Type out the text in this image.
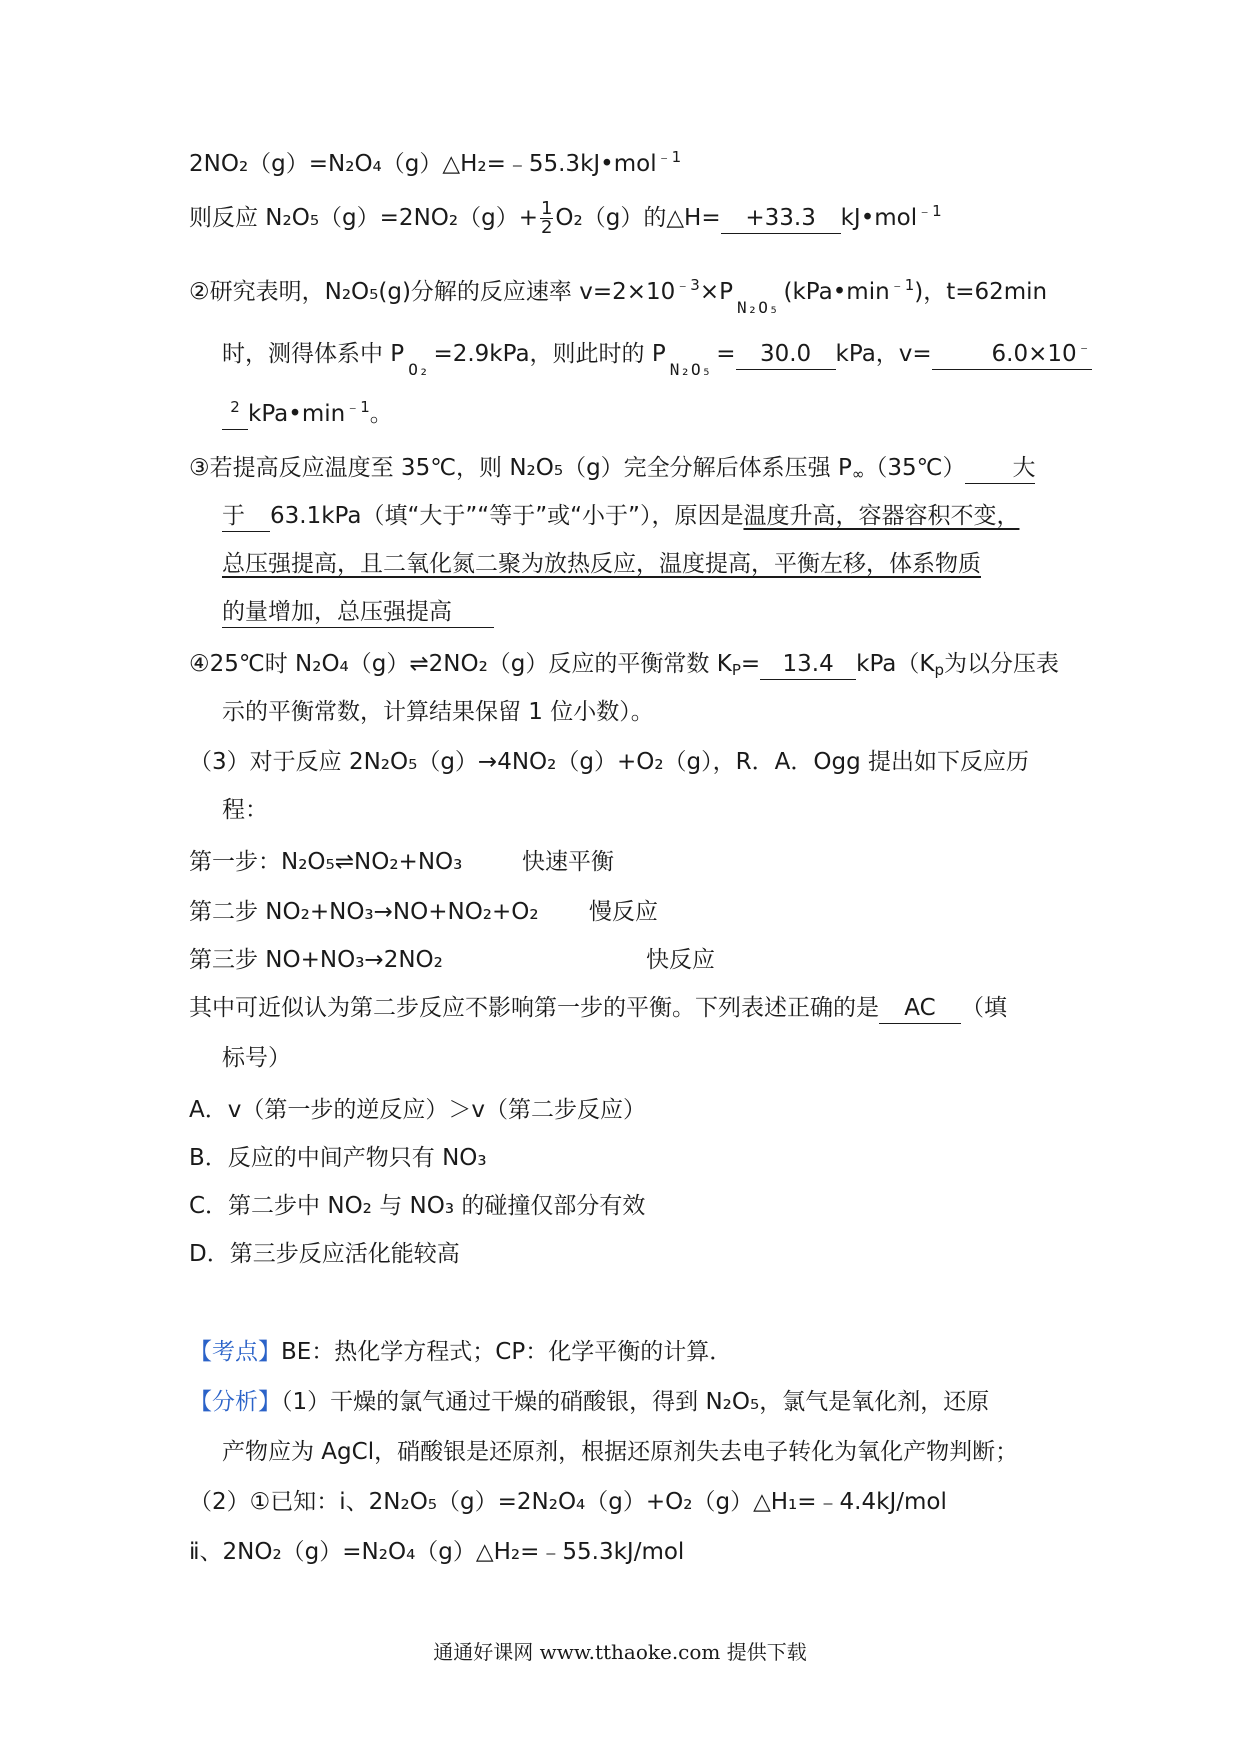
2NO₂（g）=N₂O₄（g）△H₂=﹣55.3kJ•mol$^{﹣1}$
则反应 $N_2O_5(g)=2NO_2(g)+ \frac{1}{2} O_2(g)$的△H= +33.3 kJ•mol$^{﹣1}$
②研究表明，N₂O₅(g)分解的反应速率 $v=2\times 10^{﹣3}\times P_{N_2O_5}(kPa•\min^{﹣1})$，t=62min
时，测得体系中 $P_{O_2}=2.9kPa$，则此时的 $P_{N_2O_5}= 30.0$ kPa，v=	6.0×10﹣
$^2$ $kPa•\min^{﹣1}$。
③若提高反应温度至 35℃，则 N₂O₅（g）完全分解后体系压强 $P_\infty(35℃)$ 大
于 63.1kPa（填“大于”“等于”或“小于”），原因是温度升高，容器容积不变，
总压强提高，且二氧化氮二聚为放热反应，温度提高，平衡左移，体系物质
的量增加，总压强提高
④25℃时 N₂O₄（g）⇌2NO₂（g）反应的平衡常数 $K_P= 13.4$ $kPa(K_p$为以分压表
示的平衡常数，计算结果保留 1 位小数）。
（3）对于反应 2N₂O₅（g）→4NO₂（g）+O₂（g），R．A．Ogg 提出如下反应历
程：
第一步：N₂O₅⇌NO₂+NO₃	快速平衡
第二步 NO₂+NO₃→NO+NO₂+O₂ 慢反应
第三步 NO+NO₃→2NO₂	快反应
其中可近似认为第二步反应不影响第一步的平衡。下列表述正确的是 AC （填
标号）
A．v（第一步的逆反应）＞v（第二步反应）
B．反应的中间产物只有 NO₃
C．第二步中 NO₂ 与 NO₃ 的碰撞仅部分有效
D．第三步反应活化能较高
【考点】BE：热化学方程式；CP：化学平衡的计算．
【分析】（1）干燥的氯气通过干燥的硝酸银，得到 N₂O₅，氯气是氧化剂，还原
产物应为 AgCl，硝酸银是还原剂，根据还原剂失去电子转化为氧化产物判断；
（2）①已知：ⅰ、2N₂O₅（g）=2N₂O₄（g）+O₂（g）△H₁=﹣4.4kJ/mol
ⅱ、2NO₂（g）=N₂O₄（g）△H₂=﹣55.3kJ/mol
通通好课网 www.tthaoke.com 提供下载
